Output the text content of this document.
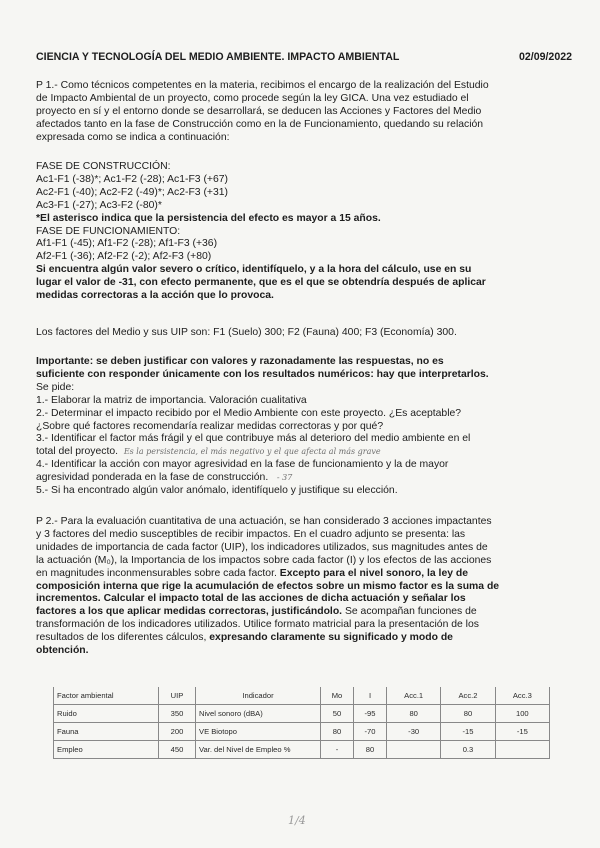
CIENCIA Y TECNOLOGÍA DEL MEDIO AMBIENTE. IMPACTO AMBIENTAL	02/09/2022
P 1.- Como técnicos competentes en la materia, recibimos el encargo de la realización del Estudio
de Impacto Ambiental de un proyecto, como procede según la ley GICA. Una vez estudiado el
proyecto en sí y el entorno donde se desarrollará, se deducen las Acciones y Factores del Medio
afectados tanto en la fase de Construcción como en la de Funcionamiento, quedando su relación
expresada como se indica a continuación:
FASE DE CONSTRUCCIÓN:
Ac1-F1 (-38)*; Ac1-F2 (-28); Ac1-F3 (+67)
Ac2-F1 (-40); Ac2-F2 (-49)*; Ac2-F3 (+31)
Ac3-F1 (-27); Ac3-F2 (-80)*
*El asterisco indica que la persistencia del efecto es mayor a 15 años.
FASE DE FUNCIONAMIENTO:
Af1-F1 (-45); Af1-F2 (-28); Af1-F3 (+36)
Af2-F1 (-36); Af2-F2 (-2); Af2-F3 (+80)
Si encuentra algún valor severo o crítico, identifíquelo, y a la hora del cálculo, use en su
lugar el valor de -31, con efecto permanente, que es el que se obtendría después de aplicar
medidas correctoras a la acción que lo provoca.
Los factores del Medio y sus UIP son: F1 (Suelo) 300; F2 (Fauna) 400; F3 (Economía) 300.
Importante: se deben justificar con valores y razonadamente las respuestas, no es
suficiente con responder únicamente con los resultados numéricos: hay que interpretarlos.
Se pide:
1.- Elaborar la matriz de importancia. Valoración cualitativa
2.- Determinar el impacto recibido por el Medio Ambiente con este proyecto. ¿Es aceptable?
¿Sobre qué factores recomendaría realizar medidas correctoras y por qué?
3.- Identificar el factor más frágil y el que contribuye más al deterioro del medio ambiente en el
total del proyecto. Es la persistencia, el más negativo y el que afecta al más grave
4.- Identificar la acción con mayor agresividad en la fase de funcionamiento y la de mayor
agresividad ponderada en la fase de construcción. - 37
5.- Si ha encontrado algún valor anómalo, identifíquelo y justifique su elección.
P 2.- Para la evaluación cuantitativa de una actuación, se han considerado 3 acciones impactantes
y 3 factores del medio susceptibles de recibir impactos. En el cuadro adjunto se presenta: las
unidades de importancia de cada factor (UIP), los indicadores utilizados, sus magnitudes antes de
la actuación (M₀), la Importancia de los impactos sobre cada factor (I) y los efectos de las acciones
en magnitudes inconmensurables sobre cada factor. Excepto para el nivel sonoro, la ley de
composición interna que rige la acumulación de efectos sobre un mismo factor es la suma de
incrementos. Calcular el impacto total de las acciones de dicha actuación y señalar los
factores a los que aplicar medidas correctoras, justificándolo. Se acompañan funciones de
transformación de los indicadores utilizados. Utilice formato matricial para la presentación de los
resultados de los diferentes cálculos, expresando claramente su significado y modo de
obtención.
Factor ambiental	UIP	Indicador	Mo	I	Acc.1	Acc.2	Acc.3
Ruido	350	Nivel sonoro (dBA)	50	-95	80	80	100
Fauna	200	VE Biotopo	80	-70	-30	-15	-15
Empleo	450	Var. del Nivel de Empleo %	-	80		0.3	
1/4
